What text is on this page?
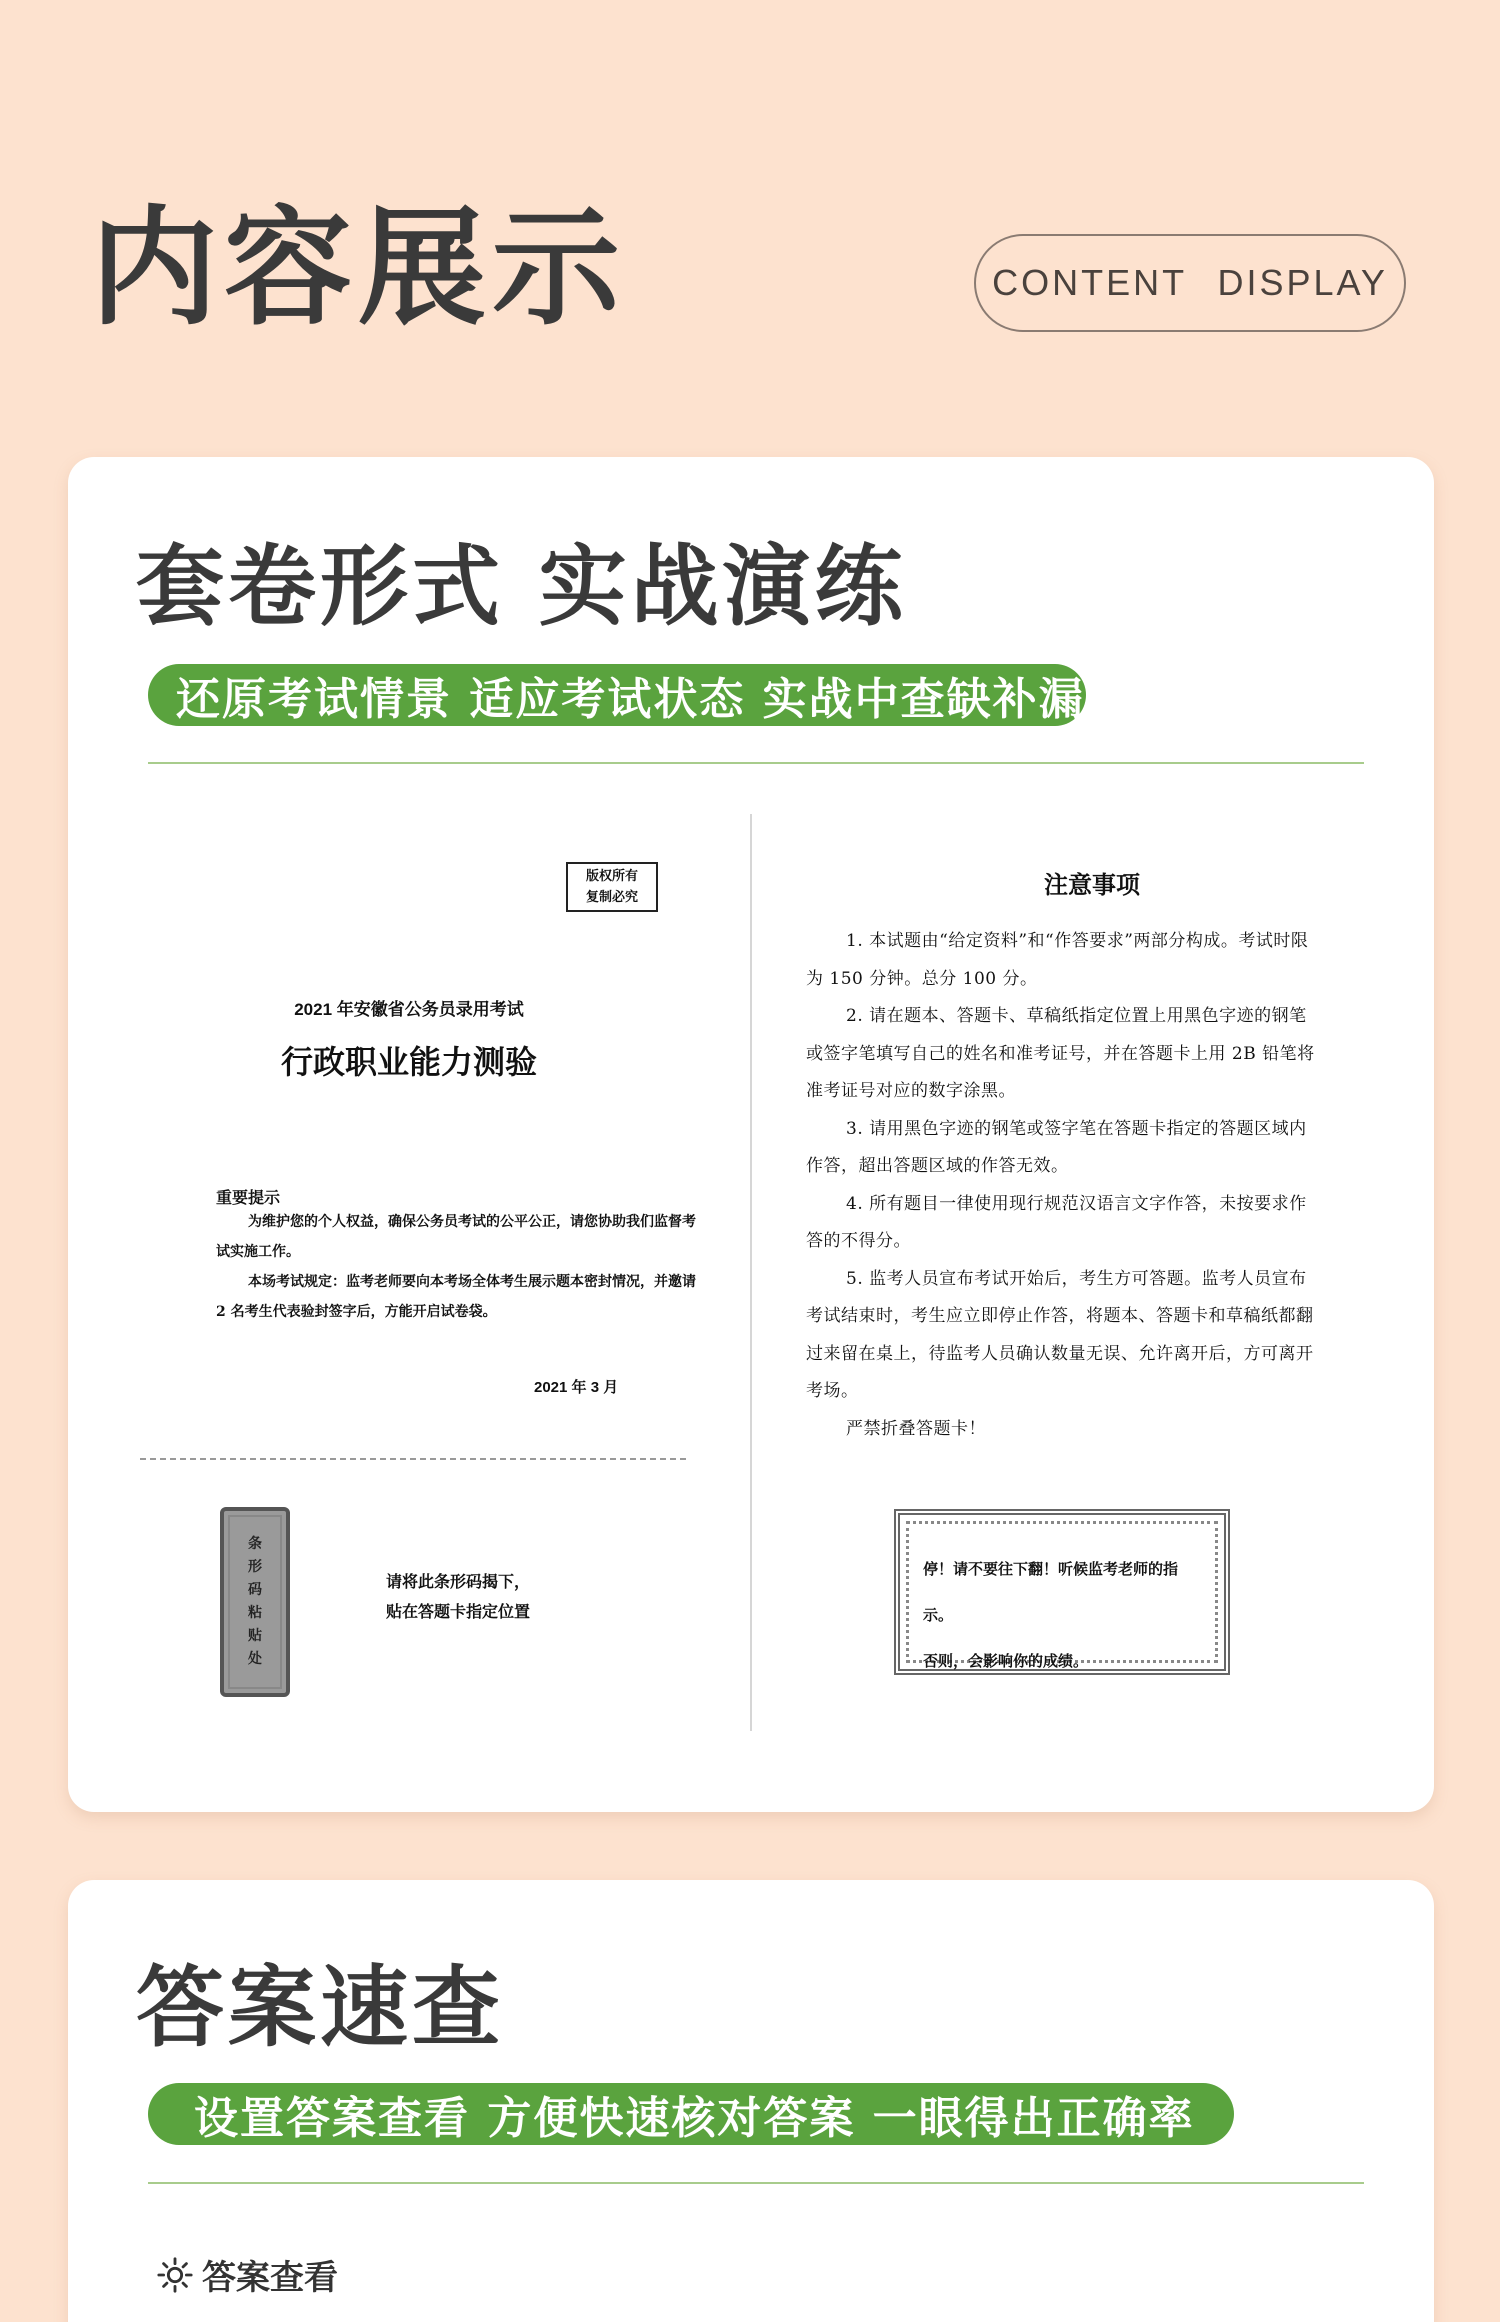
内容展示	CONTENT DISPLAY
套卷形式 实战演练
还原考试情景 适应考试状态 实战中查缺补漏
版权所有
复制必究
2021 年安徽省公务员录用考试
行政职业能力测验
重要提示
为维护您的个人权益，确保公务员考试的公平公正，请您协助我们监督考试实施工作。
本场考试规定：监考老师要向本考场全体考生展示题本密封情况，并邀请 2 名考生代表验封签字后，方能开启试卷袋。
2021 年 3 月
条
形
码
粘
贴
处
请将此条形码揭下，
贴在答题卡指定位置
注意事项

1. 本试题由“给定资料”和“作答要求”两部分构成。考试时限为 150 分钟。总分 100 分。

2. 请在题本、答题卡、草稿纸指定位置上用黑色字迹的钢笔或签字笔填写自己的姓名和准考证号，并在答题卡上用 2B 铅笔将准考证号对应的数字涂黑。

3. 请用黑色字迹的钢笔或签字笔在答题卡指定的答题区域内作答，超出答题区域的作答无效。

4. 所有题目一律使用现行规范汉语言文字作答，未按要求作答的不得分。

5. 监考人员宣布考试开始后，考生方可答题。监考人员宣布考试结束时，考生应立即停止作答，将题本、答题卡和草稿纸都翻过来留在桌上，待监考人员确认数量无误、允许离开后，方可离开考场。

严禁折叠答题卡！

停！请不要往下翻！听候监考老师的指示。
否则，会影响你的成绩。
答案速查
设置答案查看 方便快速核对答案 一眼得出正确率
答案查看
